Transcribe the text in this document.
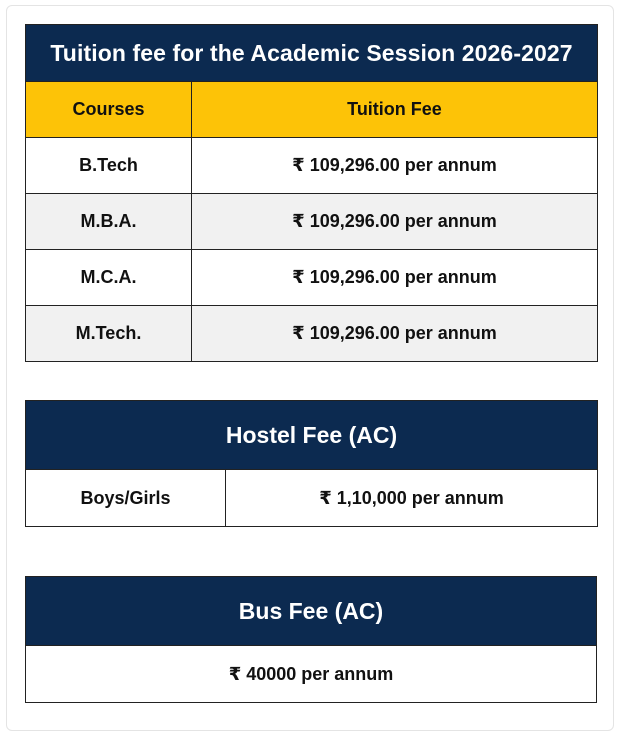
Tuition fee for the Academic Session 2026-2027	
Courses	Tuition Fee
B.Tech	₹ 109,296.00 per annum
M.B.A.	₹ 109,296.00 per annum
M.C.A.	₹ 109,296.00 per annum
M.Tech.	₹ 109,296.00 per annum
Hostel Fee (AC)
Boys/Girls	₹ 1,10,000 per annum
Bus Fee (AC)
₹ 40000 per annum
